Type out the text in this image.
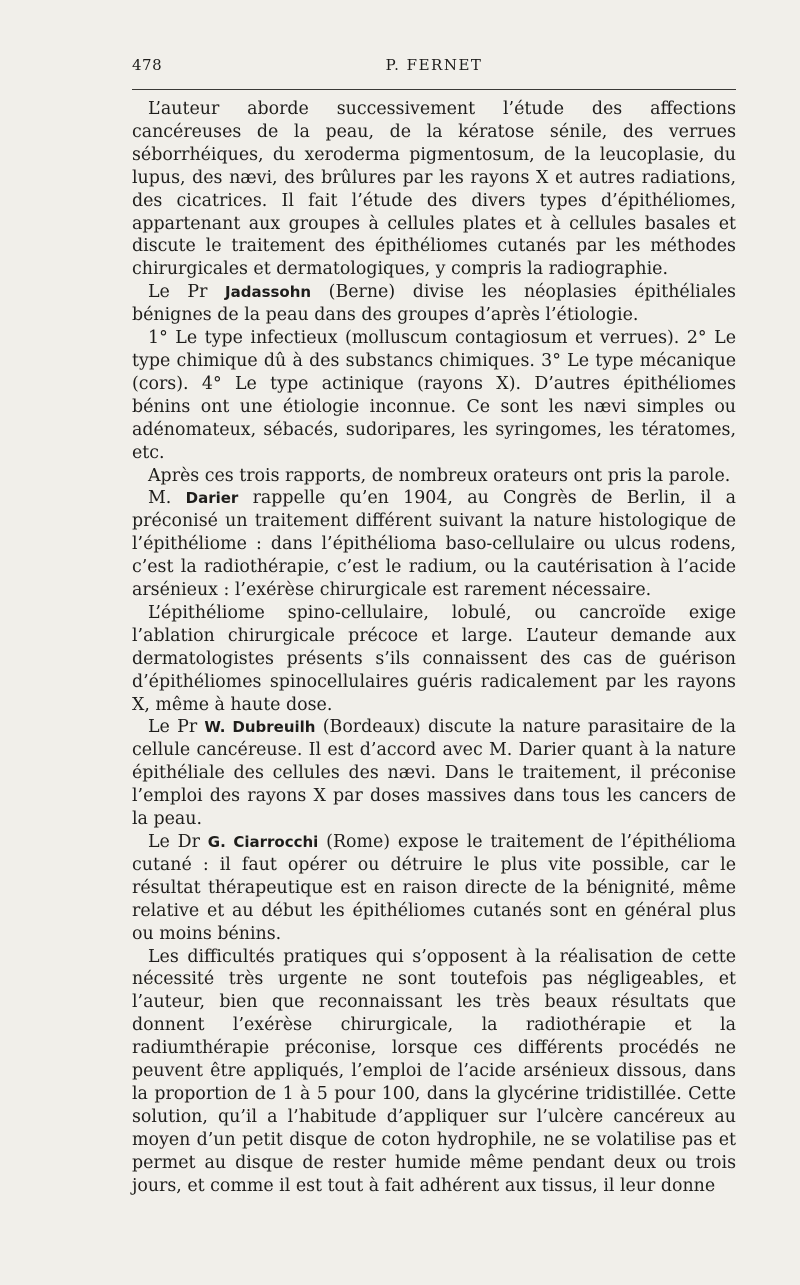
478	P. FERNET

L’auteur aborde successivement l’étude des affections cancéreuses de la peau, de la kératose sénile, des verrues séborrhéiques, du xeroderma pigmentosum, de la leucoplasie, du lupus, des nævi, des brûlures par les rayons X et autres radiations, des cicatrices. Il fait l’étude des divers types d’épithéliomes, appartenant aux groupes à cellules plates et à cellules basales et discute le traitement des épithéliomes cutanés par les méthodes chirurgicales et dermatologiques, y compris la radiographie.

Le Pr Jadassohn (Berne) divise les néoplasies épithéliales bénignes de la peau dans des groupes d’après l’étiologie.

1° Le type infectieux (molluscum contagiosum et verrues). 2° Le type chimique dû à des substancs chimiques. 3° Le type mécanique (cors). 4° Le type actinique (rayons X). D’autres épithéliomes bénins ont une étiologie inconnue. Ce sont les nævi simples ou adénomateux, sébacés, sudoripares, les syringomes, les tératomes, etc.

Après ces trois rapports, de nombreux orateurs ont pris la parole.

M. Darier rappelle qu’en 1904, au Congrès de Berlin, il a préconisé un traitement différent suivant la nature histologique de l’épithéliome : dans l’épithélioma baso-cellulaire ou ulcus rodens, c’est la radiothérapie, c’est le radium, ou la cautérisation à l’acide arsénieux : l’exérèse chirurgicale est rarement nécessaire.

L’épithéliome spino-cellulaire, lobulé, ou cancroïde exige l’ablation chirurgicale précoce et large. L’auteur demande aux dermatologistes présents s’ils connaissent des cas de guérison d’épithéliomes spinocellulaires guéris radicalement par les rayons X, même à haute dose.

Le Pr W. Dubreuilh (Bordeaux) discute la nature parasitaire de la cellule cancéreuse. Il est d’accord avec M. Darier quant à la nature épithéliale des cellules des nævi. Dans le traitement, il préconise l’emploi des rayons X par doses massives dans tous les cancers de la peau.

Le Dr G. Ciarrocchi (Rome) expose le traitement de l’épithélioma cutané : il faut opérer ou détruire le plus vite possible, car le résultat thérapeutique est en raison directe de la bénignité, même relative et au début les épithéliomes cutanés sont en général plus ou moins bénins.

Les difficultés pratiques qui s’opposent à la réalisation de cette nécessité très urgente ne sont toutefois pas négligeables, et l’auteur, bien que reconnaissant les très beaux résultats que donnent l’exérèse chirurgicale, la radiothérapie et la radiumthérapie préconise, lorsque ces différents procédés ne peuvent être appliqués, l’emploi de l’acide arsénieux dissous, dans la proportion de 1 à 5 pour 100, dans la glycérine tridistillée. Cette solution, qu’il a l’habitude d’appliquer sur l’ulcère cancéreux au moyen d’un petit disque de coton hydrophile, ne se volatilise pas et permet au disque de rester humide même pendant deux ou trois jours, et comme il est tout à fait adhérent aux tissus, il leur donne
